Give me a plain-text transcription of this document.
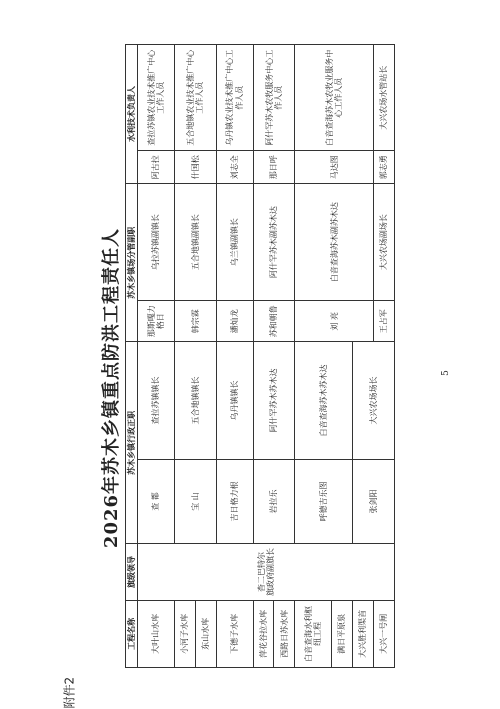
附件2
2026年苏木乡镇重点防洪工程责任人	5
工程名称	旗级领导	苏木乡镇行政正职		苏木乡镇场分管副职		水利技术负责人	
大叶山水库	杳二巴特尔 旗政府副旗长	查 都	查拉苏镇镇长	那斯嘎力格日	乌拉苏镇副镇长	阿古拉	查拉苏镇农业技术推广中心工作人员
小河子水库		宝 山	五合地镇镇长	韩宗霖	五合地镇副镇长	什国松	五合地镇农业技术推广中心工作人员
东山水库							
下德子水库		吉日格力根	乌丹镇镇长	潘灿龙	乌兰镇副镇长	刘志全	乌丹镇农业技术推广中心工作人员
萍花谷拉水库		岩拉乐	阿什罕苏木苏木达	苏和朝鲁	阿什罕苏木副苏木达	那日呼	阿什罕苏木农牧服务中心工作人员
西路日苏水库							
白音查海水利枢纽工程		呼德吉乐图	白音查海苏木苏木达	刘 亮	白音查海苏木副苏木达	马达图	白音查海苏木农牧业服务中心工作人员
满日平原泉							
大兴胜利渠首		张剑阳	大兴农场场长				
大兴一号闸				王占军	大兴农场副场长	郭志勇	大兴农场水管站长
